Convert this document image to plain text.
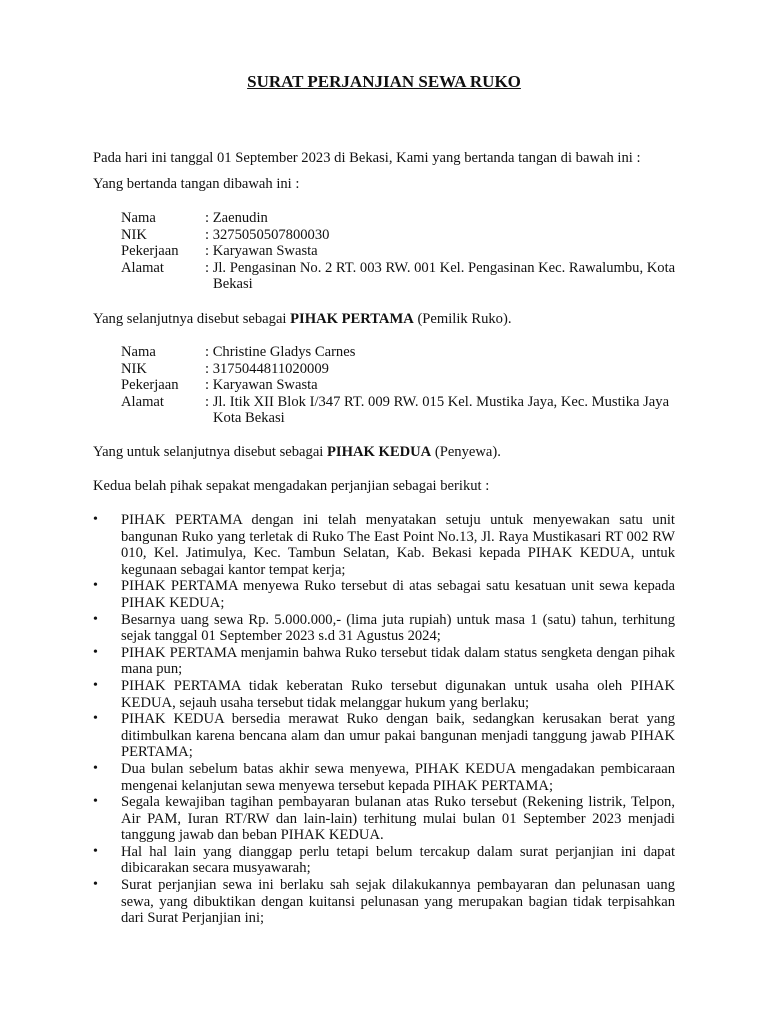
SURAT PERJANJIAN SEWA RUKO
Pada hari ini tanggal 01 September 2023 di Bekasi, Kami yang bertanda tangan di bawah ini :
Yang bertanda tangan dibawah ini :
Nama	: Zaenudin
NIK	: 3275050507800030
Pekerjaan : Karyawan Swasta
Alamat	: Jl. Pengasinan No. 2 RT. 003 RW. 001 Kel. Pengasinan Kec. Rawalumbu, Kota Bekasi
Yang selanjutnya disebut sebagai PIHAK PERTAMA (Pemilik Ruko).
Nama	: Christine Gladys Carnes
NIK	: 3175044811020009
Pekerjaan : Karyawan Swasta
Alamat	: Jl. Itik XII Blok I/347 RT. 009 RW. 015 Kel. Mustika Jaya, Kec. Mustika Jaya Kota Bekasi
Yang untuk selanjutnya disebut sebagai PIHAK KEDUA (Penyewa).
Kedua belah pihak sepakat mengadakan perjanjian sebagai berikut :
• PIHAK PERTAMA dengan ini telah menyatakan setuju untuk menyewakan satu unit bangunan Ruko yang terletak di Ruko The East Point No.13, Jl. Raya Mustikasari RT 002 RW 010, Kel. Jatimulya, Kec. Tambun Selatan, Kab. Bekasi kepada PIHAK KEDUA, untuk kegunaan sebagai kantor tempat kerja;
• PIHAK PERTAMA menyewa Ruko tersebut di atas sebagai satu kesatuan unit sewa kepada PIHAK KEDUA;
• Besarnya uang sewa Rp. 5.000.000,- (lima juta rupiah) untuk masa 1 (satu) tahun, terhitung sejak tanggal 01 September 2023 s.d 31 Agustus 2024;
• PIHAK PERTAMA menjamin bahwa Ruko tersebut tidak dalam status sengketa dengan pihak mana pun;
• PIHAK PERTAMA tidak keberatan Ruko tersebut digunakan untuk usaha oleh PIHAK KEDUA, sejauh usaha tersebut tidak melanggar hukum yang berlaku;
• PIHAK KEDUA bersedia merawat Ruko dengan baik, sedangkan kerusakan berat yang ditimbulkan karena bencana alam dan umur pakai bangunan menjadi tanggung jawab PIHAK PERTAMA;
• Dua bulan sebelum batas akhir sewa menyewa, PIHAK KEDUA mengadakan pembicaraan mengenai kelanjutan sewa menyewa tersebut kepada PIHAK PERTAMA;
• Segala kewajiban tagihan pembayaran bulanan atas Ruko tersebut (Rekening listrik, Telpon, Air PAM, Iuran RT/RW dan lain-lain) terhitung mulai bulan 01 September 2023 menjadi tanggung jawab dan beban PIHAK KEDUA.
• Hal hal lain yang dianggap perlu tetapi belum tercakup dalam surat perjanjian ini dapat dibicarakan secara musyawarah;
• Surat perjanjian sewa ini berlaku sah sejak dilakukannya pembayaran dan pelunasan uang sewa, yang dibuktikan dengan kuitansi pelunasan yang merupakan bagian tidak terpisahkan dari Surat Perjanjian ini;
